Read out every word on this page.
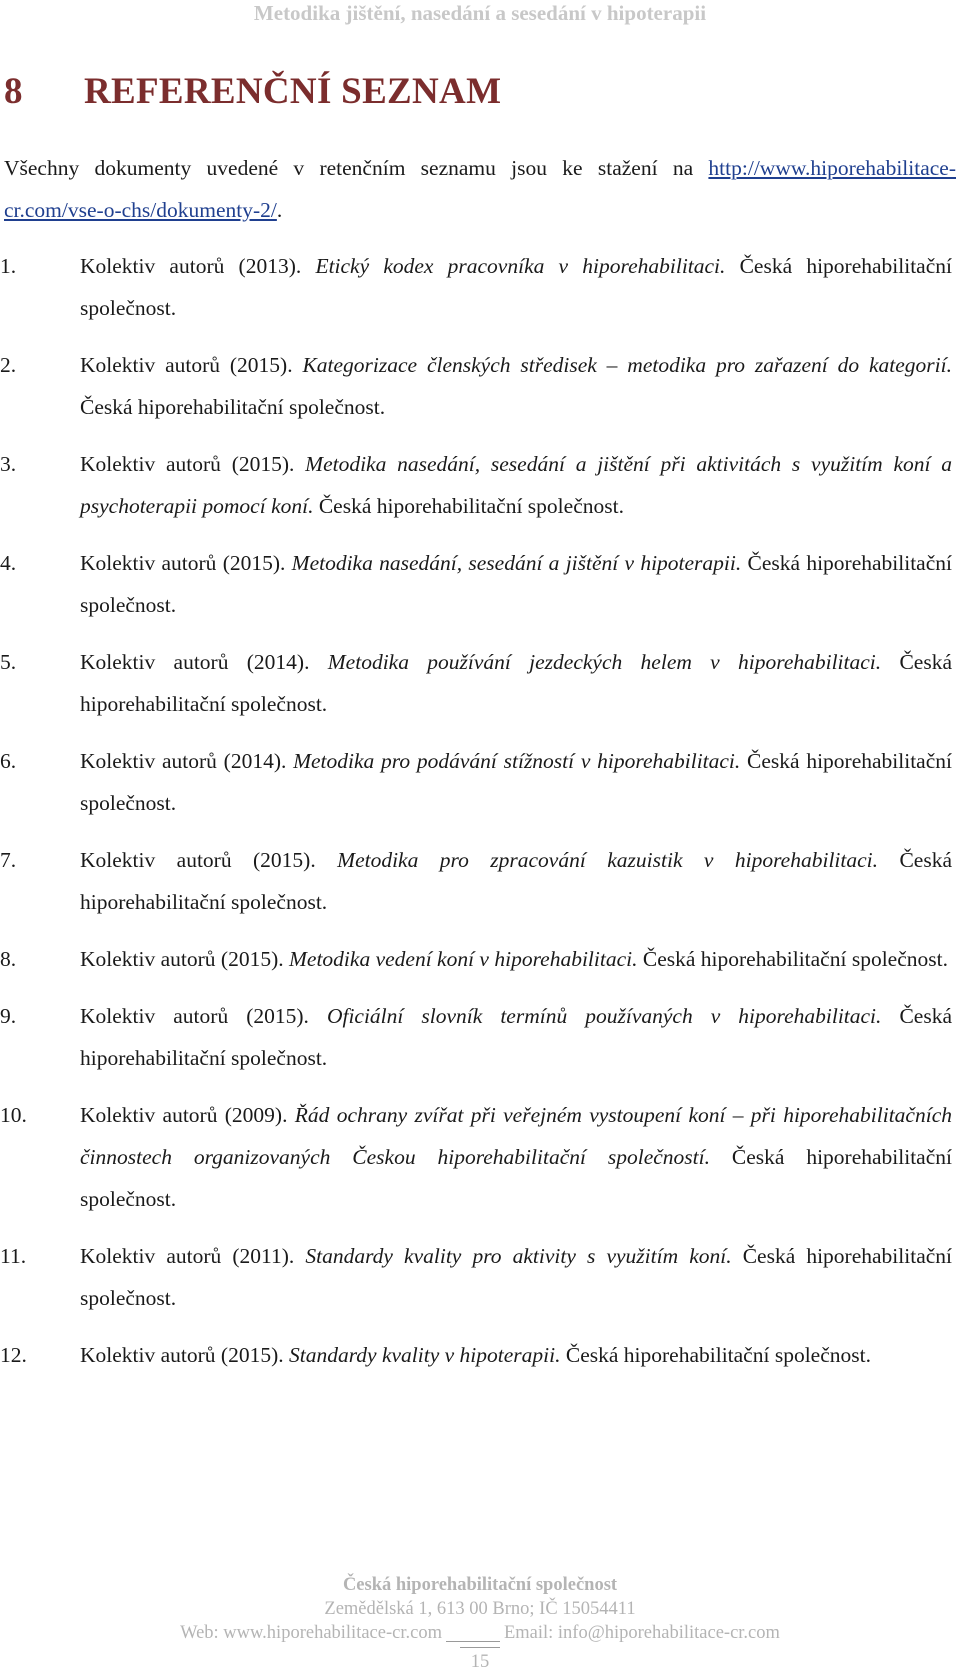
Metodika jištění, nasedání a sesedání v hipoterapii
8 REFERENČNÍ SEZNAM
Všechny dokumenty uvedené v retenčním seznamu jsou ke stažení na http://www.hiporehabilitace-cr.com/vse-o-chs/dokumenty-2/.
1.	Kolektiv autorů (2013). Etický kodex pracovníka v hiporehabilitaci. Česká hiporehabilitační společnost.
2.	Kolektiv autorů (2015). Kategorizace členských středisek – metodika pro zařazení do kategorií. Česká hiporehabilitační společnost.
3.	Kolektiv autorů (2015). Metodika nasedání, sesedání a jištění při aktivitách s využitím koní a psychoterapii pomocí koní. Česká hiporehabilitační společnost.
4.	Kolektiv autorů (2015). Metodika nasedání, sesedání a jištění v hipoterapii. Česká hiporehabilitační společnost.
5.	Kolektiv autorů (2014). Metodika používání jezdeckých helem v hiporehabilitaci. Česká hiporehabilitační společnost.
6.	Kolektiv autorů (2014). Metodika pro podávání stížností v hiporehabilitaci. Česká hiporehabilitační společnost.
7.	Kolektiv autorů (2015). Metodika pro zpracování kazuistik v hiporehabilitaci. Česká hiporehabilitační společnost.
8.	Kolektiv autorů (2015). Metodika vedení koní v hiporehabilitaci. Česká hiporehabilitační společnost.
9.	Kolektiv autorů (2015). Oficiální slovník termínů používaných v hiporehabilitaci. Česká hiporehabilitační společnost.
10.	Kolektiv autorů (2009). Řád ochrany zvířat při veřejném vystoupení koní – při hiporehabilitačních činnostech organizovaných Českou hiporehabilitační společností. Česká hiporehabilitační společnost.
11.	Kolektiv autorů (2011). Standardy kvality pro aktivity s využitím koní. Česká hiporehabilitační společnost.
12.	Kolektiv autorů (2015). Standardy kvality v hipoterapii. Česká hiporehabilitační společnost.
Česká hiporehabilitační společnost
Zemědělská 1, 613 00 Brno; IČ 15054411
Web: www.hiporehabilitace-cr.com	Email: info@hiporehabilitace-cr.com
15
